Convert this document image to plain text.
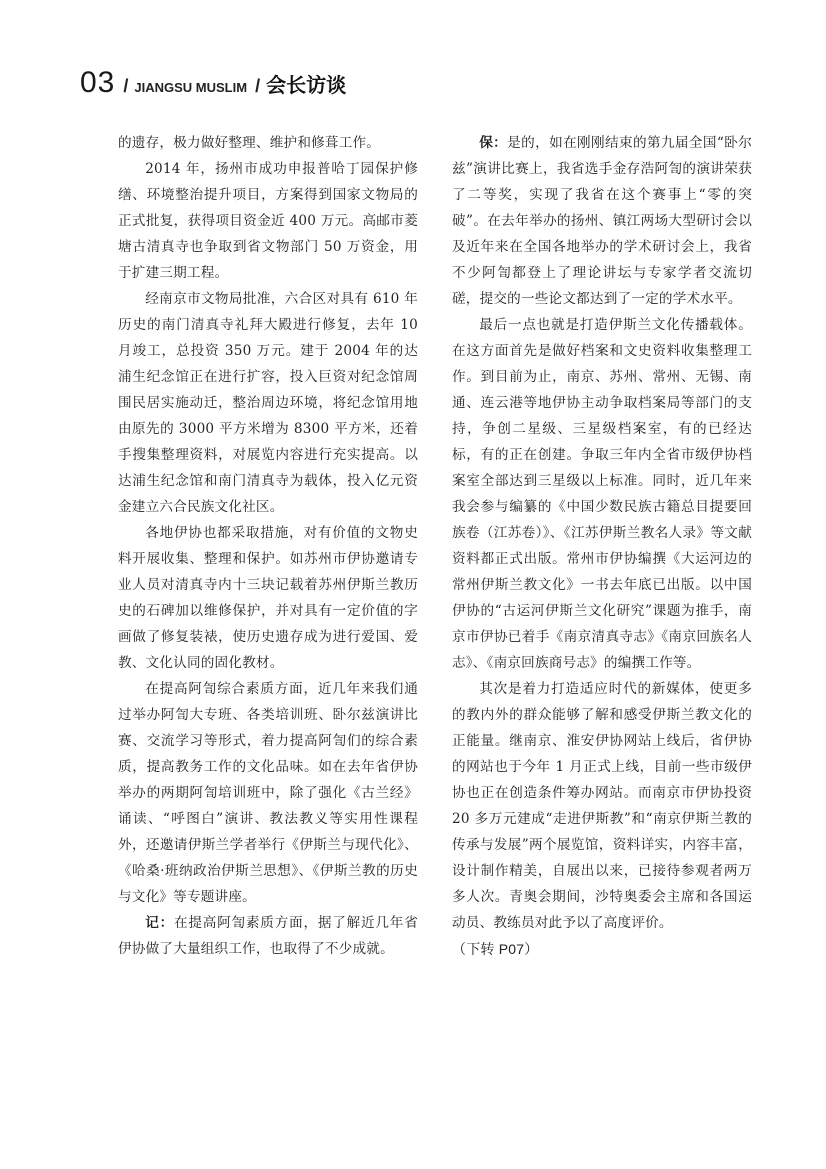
03 / JIANGSU MUSLIM / 会长访谈

的遗存，极力做好整理、维护和修葺工作。

2014 年，扬州市成功申报普哈丁园保护修缮、环境整治提升项目，方案得到国家文物局的正式批复，获得项目资金近 400 万元。高邮市菱塘古清真寺也争取到省文物部门 50 万资金，用于扩建三期工程。

经南京市文物局批准，六合区对具有 610 年历史的南门清真寺礼拜大殿进行修复，去年 10 月竣工，总投资 350 万元。建于 2004 年的达浦生纪念馆正在进行扩容，投入巨资对纪念馆周围民居实施动迁，整治周边环境，将纪念馆用地由原先的 3000 平方米增为 8300 平方米，还着手搜集整理资料，对展览内容进行充实提高。以达浦生纪念馆和南门清真寺为载体，投入亿元资金建立六合民族文化社区。

各地伊协也都采取措施，对有价值的文物史料开展收集、整理和保护。如苏州市伊协邀请专业人员对清真寺内十三块记载着苏州伊斯兰教历史的石碑加以维修保护，并对具有一定价值的字画做了修复装裱，使历史遗存成为进行爱国、爱教、文化认同的固化教材。

在提高阿訇综合素质方面，近几年来我们通过举办阿訇大专班、各类培训班、卧尔兹演讲比赛、交流学习等形式，着力提高阿訇们的综合素质，提高教务工作的文化品味。如在去年省伊协举办的两期阿訇培训班中，除了强化《古兰经》诵读、“呼图白”演讲、教法教义等实用性课程外，还邀请伊斯兰学者举行《伊斯兰与现代化》、《哈桑·班纳政治伊斯兰思想》、《伊斯兰教的历史与文化》等专题讲座。

记：在提高阿訇素质方面，据了解近几年省伊协做了大量组织工作，也取得了不少成就。

保：是的，如在刚刚结束的第九届全国“卧尔兹”演讲比赛上，我省选手金存浩阿訇的演讲荣获了二等奖，实现了我省在这个赛事上“零的突破”。在去年举办的扬州、镇江两场大型研讨会以及近年来在全国各地举办的学术研讨会上，我省不少阿訇都登上了理论讲坛与专家学者交流切磋，提交的一些论文都达到了一定的学术水平。

最后一点也就是打造伊斯兰文化传播载体。在这方面首先是做好档案和文史资料收集整理工作。到目前为止，南京、苏州、常州、无锡、南通、连云港等地伊协主动争取档案局等部门的支持，争创二星级、三星级档案室，有的已经达标，有的正在创建。争取三年内全省市级伊协档案室全部达到三星级以上标准。同时，近几年来我会参与编纂的《中国少数民族古籍总目提要回族卷（江苏卷）》、《江苏伊斯兰教名人录》等文献资料都正式出版。常州市伊协编撰《大运河边的常州伊斯兰教文化》一书去年底已出版。以中国伊协的“古运河伊斯兰文化研究”课题为推手，南京市伊协已着手《南京清真寺志》《南京回族名人志》、《南京回族商号志》的编撰工作等。

其次是着力打造适应时代的新媒体，使更多的教内外的群众能够了解和感受伊斯兰教文化的正能量。继南京、淮安伊协网站上线后，省伊协的网站也于今年 1 月正式上线，目前一些市级伊协也正在创造条件筹办网站。而南京市伊协投资 20 多万元建成“走进伊斯教”和“南京伊斯兰教的传承与发展”两个展览馆，资料详实，内容丰富，设计制作精美，自展出以来，已接待参观者两万多人次。青奥会期间，沙特奥委会主席和各国运动员、教练员对此予以了高度评价。

（下转 P07）
